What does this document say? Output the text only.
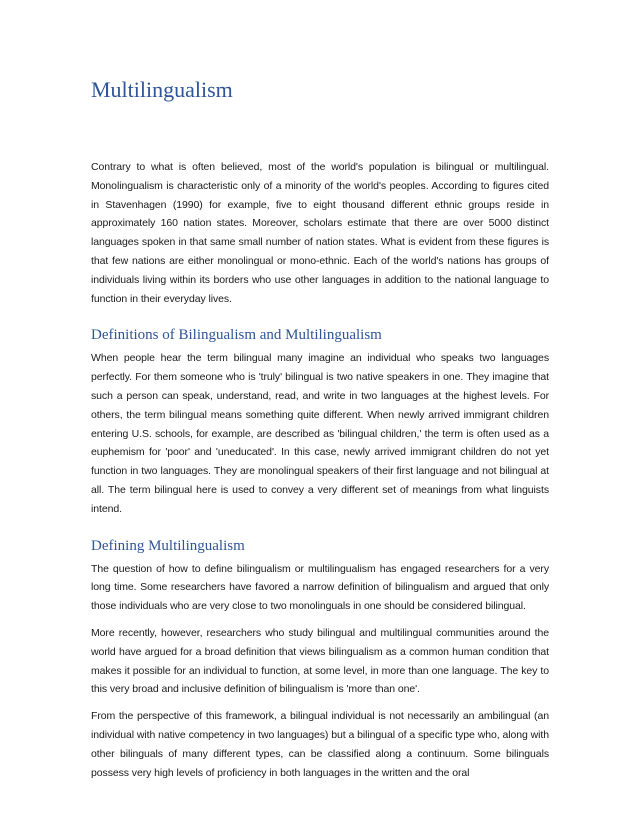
Multilingualism

Contrary to what is often believed, most of the world's population is bilingual or multilingual. Monolingualism is characteristic only of a minority of the world's peoples. According to figures cited in Stavenhagen (1990) for example, five to eight thousand different ethnic groups reside in approximately 160 nation states. Moreover, scholars estimate that there are over 5000 distinct languages spoken in that same small number of nation states. What is evident from these figures is that few nations are either monolingual or mono-ethnic. Each of the world's nations has groups of individuals living within its borders who use other languages in addition to the national language to function in their everyday lives.

Definitions of Bilingualism and Multilingualism

When people hear the term bilingual many imagine an individual who speaks two languages perfectly. For them someone who is 'truly' bilingual is two native speakers in one. They imagine that such a person can speak, understand, read, and write in two languages at the highest levels. For others, the term bilingual means something quite different. When newly arrived immigrant children entering U.S. schools, for example, are described as 'bilingual children,' the term is often used as a euphemism for 'poor' and 'uneducated'. In this case, newly arrived immigrant children do not yet function in two languages. They are monolingual speakers of their first language and not bilingual at all. The term bilingual here is used to convey a very different set of meanings from what linguists intend.

Defining Multilingualism

The question of how to define bilingualism or multilingualism has engaged researchers for a very long time. Some researchers have favored a narrow definition of bilingualism and argued that only those individuals who are very close to two monolinguals in one should be considered bilingual.

More recently, however, researchers who study bilingual and multilingual communities around the world have argued for a broad definition that views bilingualism as a common human condition that makes it possible for an individual to function, at some level, in more than one language. The key to this very broad and inclusive definition of bilingualism is 'more than one'.

From the perspective of this framework, a bilingual individual is not necessarily an ambilingual (an individual with native competency in two languages) but a bilingual of a specific type who, along with other bilinguals of many different types, can be classified along a continuum. Some bilinguals possess very high levels of proficiency in both languages in the written and the oral
